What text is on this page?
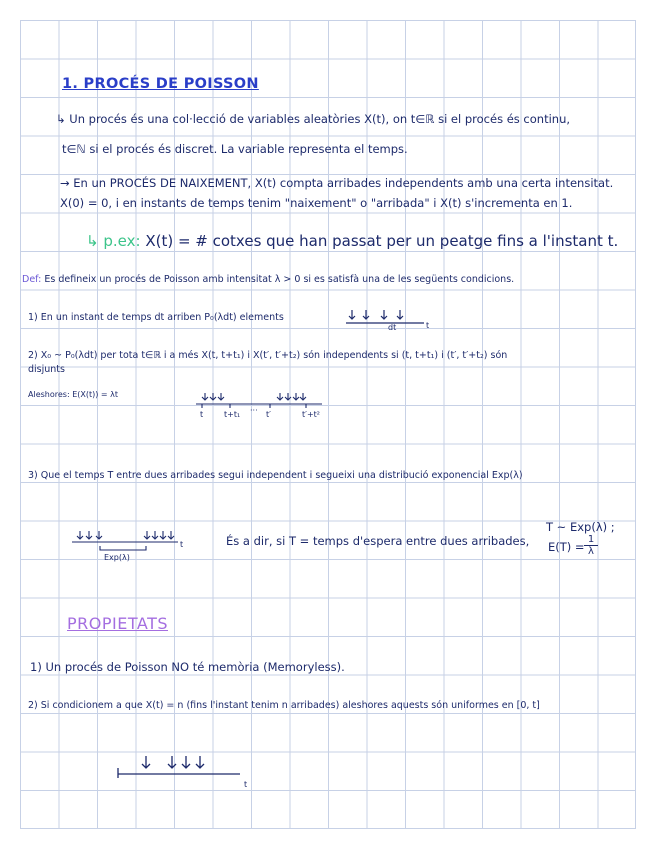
1. PROCÉS DE POISSON
↳ Un procés és una col·lecció de variables aleatòries X(t), on t∈ℝ si el procés és continu,
t∈ℕ si el procés és discret. La variable representa el temps.
→ En un PROCÉS DE NAIXEMENT, X(t) compta arribades independents amb una certa intensitat.
X(0) = 0, i en instants de temps tenim "naixement" o "arribada" i X(t) s'incrementa en 1.
↳ p.ex: X(t) = # cotxes que han passat per un peatge fins a l'instant t.
Def: Es defineix un procés de Poisson amb intensitat λ > 0 si es satisfà una de les següents condicions.
1) En un instant de temps dt arriben P₀(λdt) elements
dt	t
2) X₀ ~ P₀(λdt) per tota t∈ℝ i a més X(t, t+t₁) i X(t′, t′+t₂) són independents si (t, t+t₁) i (t′, t′+t₂) són
disjunts
Aleshores: E(X(t)) = λt
t	t+t₁ ··· t′	t′+t²
3) Que el temps T entre dues arribades segui independent i segueixi una distribució exponencial Exp(λ)
t
Exp(λ)
És a dir, si T = temps d'espera entre dues arribades,
T ~ Exp(λ) ;
$E(T) = \frac{1}{\lambda}$
PROPIETATS
1) Un procés de Poisson NO té memòria (Memoryless).
2) Si condicionem a que X(t) = n (fins l'instant tenim n arribades) aleshores aquests són uniformes en [0, t]
t
